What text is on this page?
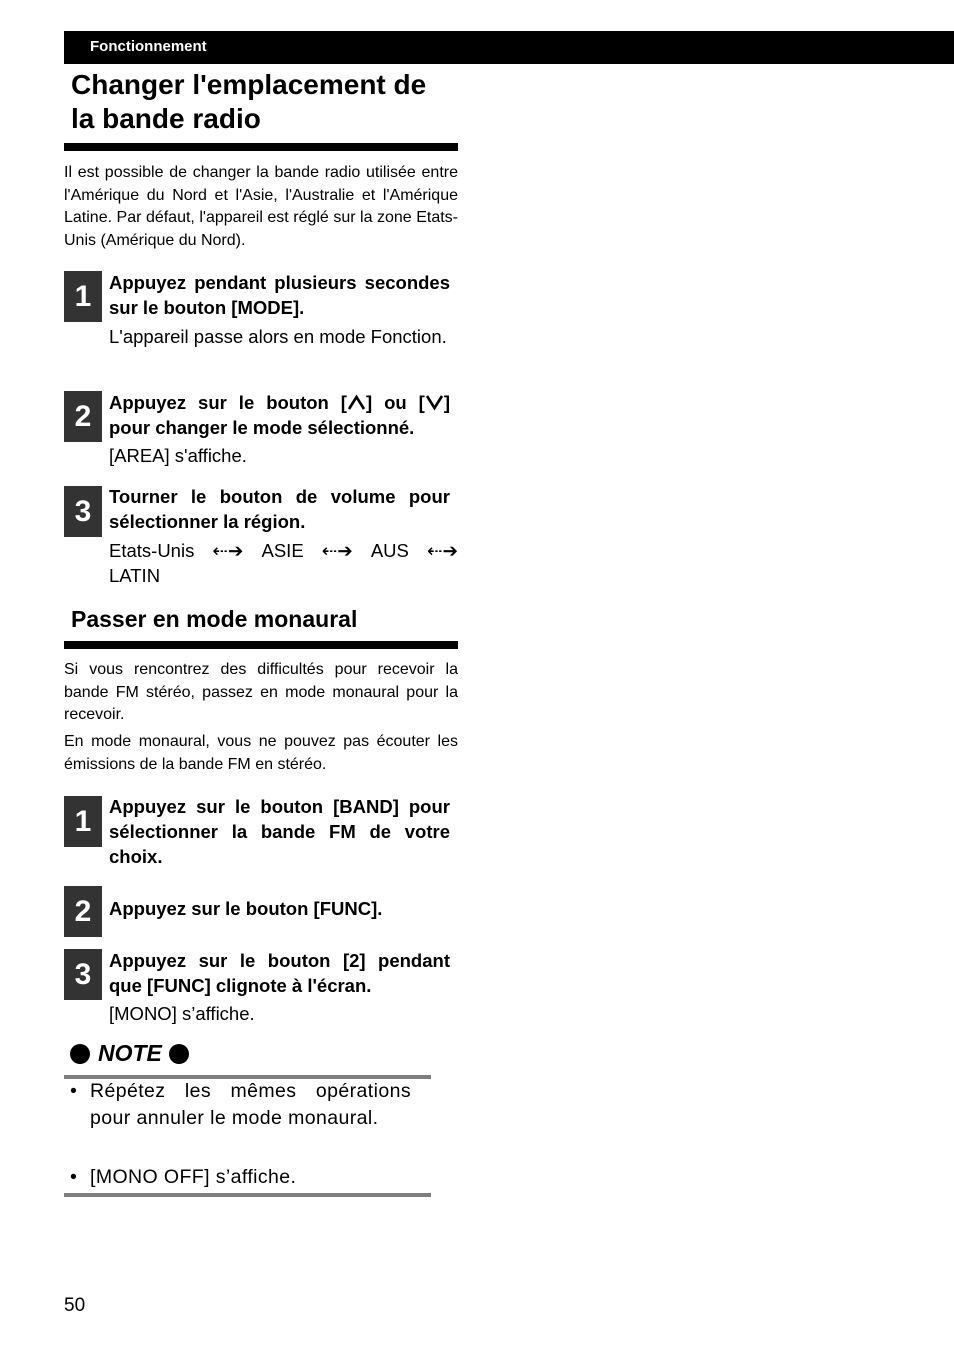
Fonctionnement
Changer l'emplacement de
la bande radio
Il est possible de changer la bande radio utilisée entre l'Amérique du Nord et l'Asie, l'Australie et l'Amérique Latine. Par défaut, l'appareil est réglé sur la zone Etats-Unis (Amérique du Nord).
1 Appuyez pendant plusieurs secondes sur le bouton [MODE].
L'appareil passe alors en mode Fonction.
2 Appuyez sur le bouton [ ] ou [ ] pour changer le mode sélectionné.
[AREA] s'affiche.
3 Tourner le bouton de volume pour sélectionner la région.
Etats-Unis ⇠➔ ASIE ⇠➔ AUS ⇠➔
LATIN
Passer en mode monaural
Si vous rencontrez des difficultés pour recevoir la bande FM stéréo, passez en mode monaural pour la recevoir.
En mode monaural, vous ne pouvez pas écouter les émissions de la bande FM en stéréo.
1 Appuyez sur le bouton [BAND] pour sélectionner la bande FM de votre choix.
2 Appuyez sur le bouton [FUNC].
3 Appuyez sur le bouton [2] pendant que [FUNC] clignote à l'écran.
[MONO] s’affiche.
NOTE
• Répétez les mêmes opérations pour annuler le mode monaural.
• [MONO OFF] s’affiche.
50
